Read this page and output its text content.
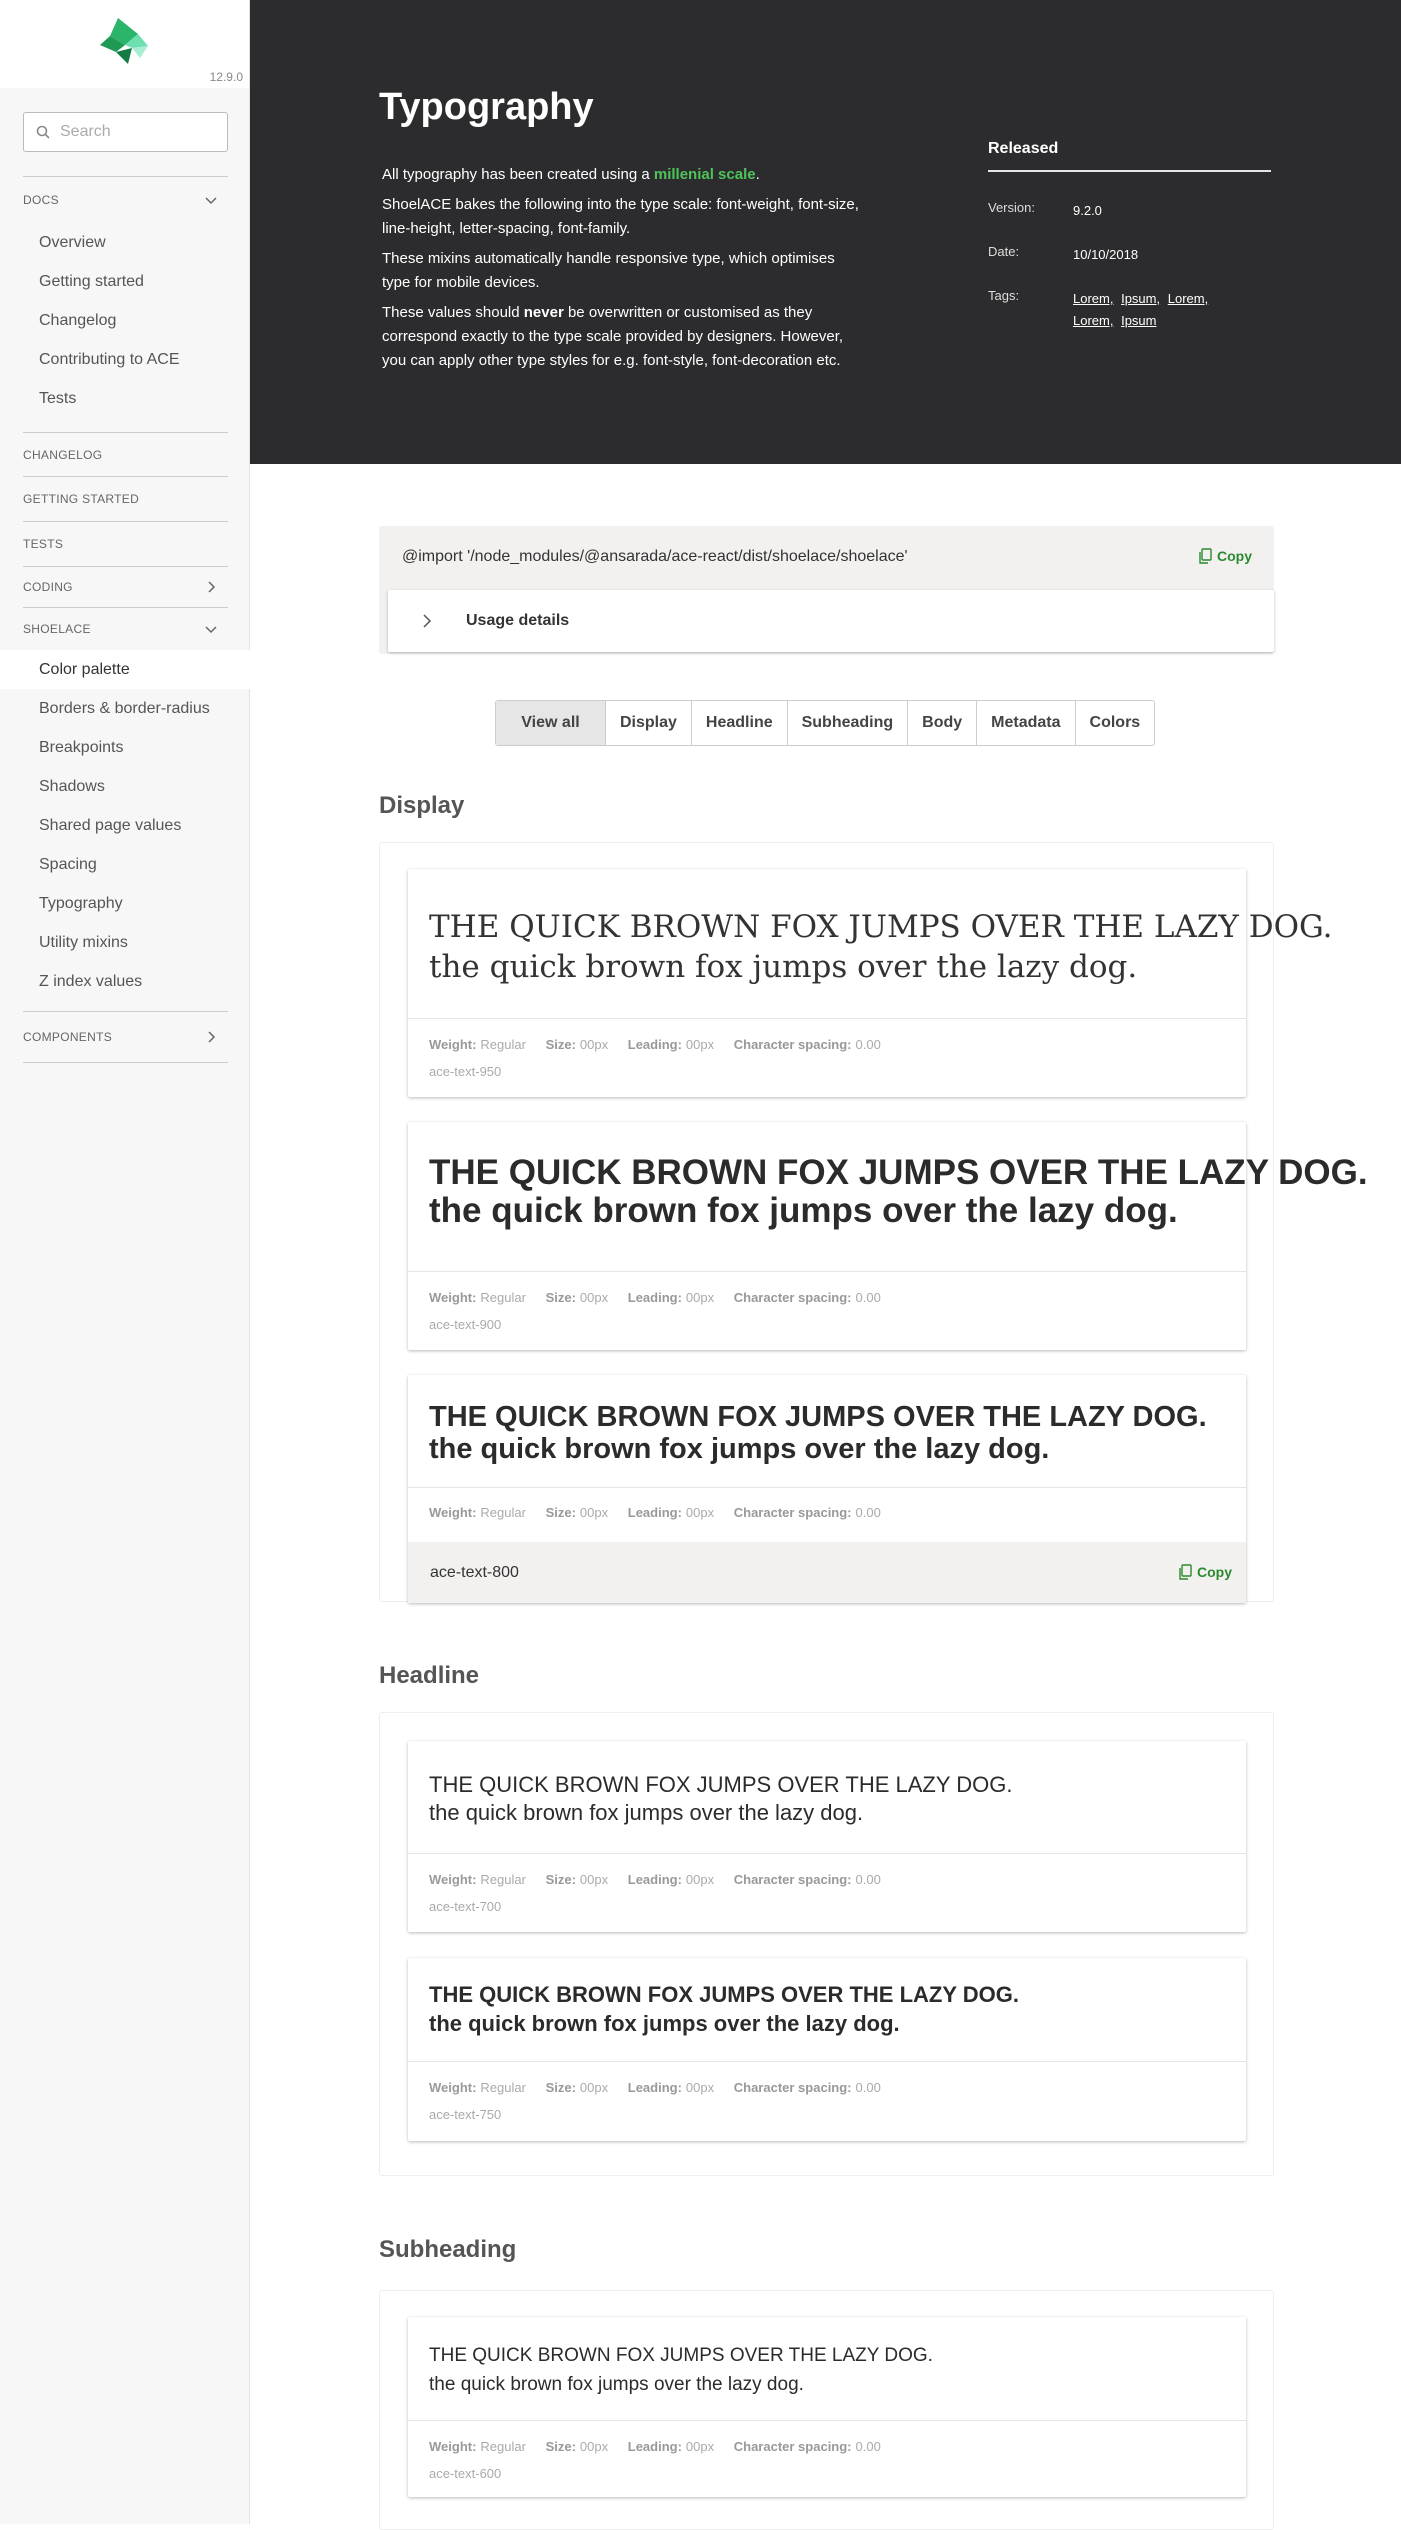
12.9.0
Search
DOCS
Overview
Getting started
Changelog
Contributing to ACE
Tests
CHANGELOG
GETTING STARTED
TESTS
CODING
SHOELACE
Color palette
Borders & border-radius
Breakpoints
Shadows
Shared page values
Spacing
Typography
Utility mixins
Z index values
COMPONENTS
Typography

All typography has been created using a millenial scale.

ShoelACE bakes the following into the type scale: font-weight, font-size, line-height, letter-spacing, font-family.

These mixins automatically handle responsive type, which optimises type for mobile devices.

These values should never be overwritten or customised as they correspond exactly to the type scale provided by designers. However, you can apply other type styles for e.g. font-style, font-decoration etc.

Released
Version:	9.2.0
Date:	10/10/2018
Tags:	Lorem, Ipsum, Lorem, Lorem, Ipsum
@import '/node_modules/@ansarada/ace-react/dist/shoelace/shoelace'	Copy
Usage details
View all	Display	Headline	Subheading	Body	Metadata	Colors
Display
THE QUICK BROWN FOX JUMPS OVER THE LAZY DOG.
the quick brown fox jumps over the lazy dog.
Weight: Regular Size: 00px Leading: 00px Character spacing: 0.00
ace-text-950
THE QUICK BROWN FOX JUMPS OVER THE LAZY DOG.
the quick brown fox jumps over the lazy dog.
Weight: Regular Size: 00px Leading: 00px Character spacing: 0.00
ace-text-900
THE QUICK BROWN FOX JUMPS OVER THE LAZY DOG.
the quick brown fox jumps over the lazy dog.
Weight: Regular Size: 00px Leading: 00px Character spacing: 0.00
ace-text-800	Copy
Headline
THE QUICK BROWN FOX JUMPS OVER THE LAZY DOG.
the quick brown fox jumps over the lazy dog.
Weight: Regular Size: 00px Leading: 00px Character spacing: 0.00
ace-text-700
THE QUICK BROWN FOX JUMPS OVER THE LAZY DOG.
the quick brown fox jumps over the lazy dog.
Weight: Regular Size: 00px Leading: 00px Character spacing: 0.00
ace-text-750
Subheading
THE QUICK BROWN FOX JUMPS OVER THE LAZY DOG.
the quick brown fox jumps over the lazy dog.
Weight: Regular Size: 00px Leading: 00px Character spacing: 0.00
ace-text-600
